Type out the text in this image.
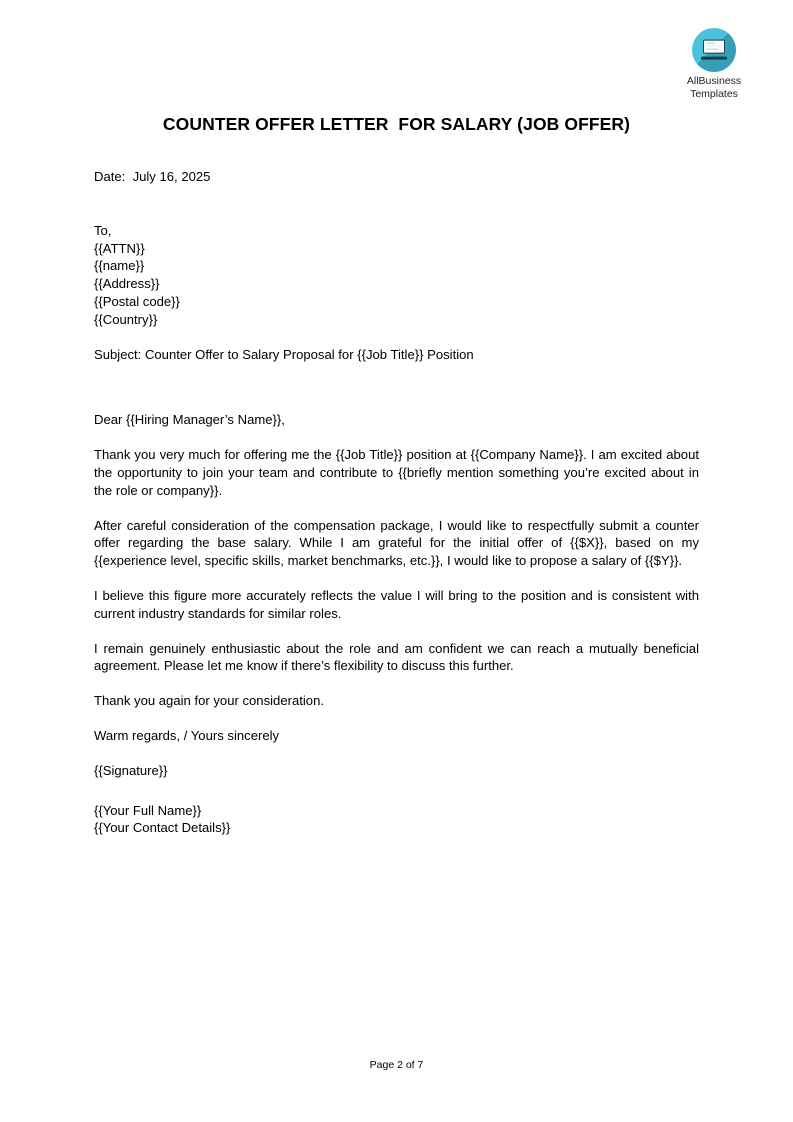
AllBusiness
Templates
COUNTER OFFER LETTER  FOR SALARY (JOB OFFER)
Date:  July 16, 2025
To,
{{ATTN}}
{{name}}
{{Address}}
{{Postal code}}
{{Country}}
Subject: Counter Offer to Salary Proposal for {{Job Title}} Position
Dear {{Hiring Manager’s Name}},
Thank you very much for offering me the {{Job Title}} position at {{Company Name}}. I am excited about the opportunity to join your team and contribute to {{briefly mention something you’re excited about in the role or company}}.
After careful consideration of the compensation package, I would like to respectfully submit a counter offer regarding the base salary. While I am grateful for the initial offer of {{$X}}, based on my {{experience level, specific skills, market benchmarks, etc.}}, I would like to propose a salary of {{$Y}}.
I believe this figure more accurately reflects the value I will bring to the position and is consistent with current industry standards for similar roles.
I remain genuinely enthusiastic about the role and am confident we can reach a mutually beneficial agreement. Please let me know if there’s flexibility to discuss this further.
Thank you again for your consideration.
Warm regards, / Yours sincerely
{{Signature}}
{{Your Full Name}}
{{Your Contact Details}}
Page 2 of 7
